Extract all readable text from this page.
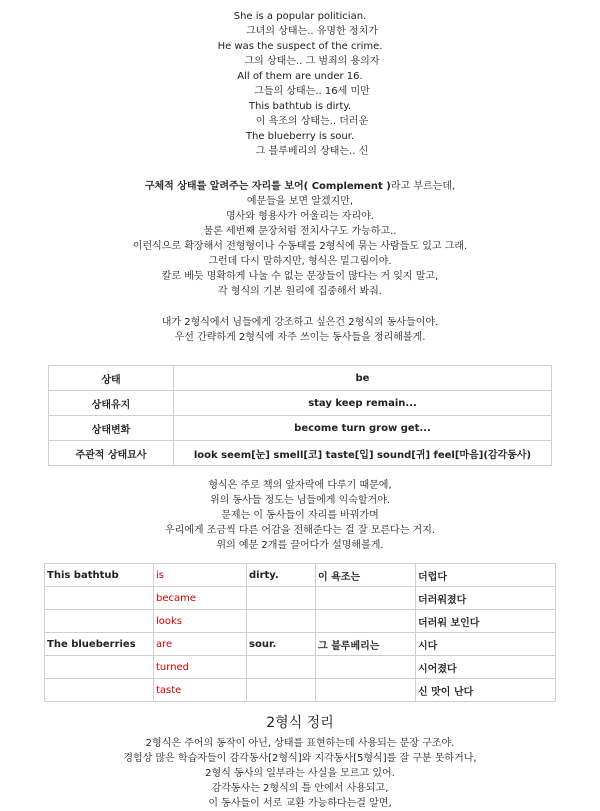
She is a popular politician.
그녀의 상태는.. 유명한 정치가
He was the suspect of the crime.
그의 상태는.. 그 범죄의 용의자
All of them are under 16.
그들의 상태는.. 16세 미만
This bathtub is dirty.
이 욕조의 상태는.. 더러운
The blueberry is sour.
그 블루베리의 상태는.. 신
구체적 상태를 알려주는 자리를 보어( Complement )라고 부르는데,
예문들을 보면 알겠지만,
명사와 형용사가 어울리는 자리야.
물론 세번째 문장처럼 전치사구도 가능하고..
이런식으로 확장해서 전형형이나 수동태를 2형식에 묶는 사람들도 있고 그래.
그런데 다시 말하지만, 형식은 밑그림이야.
칼로 베듯 명확하게 나눌 수 없는 문장들이 많다는 거 잊지 말고,
각 형식의 기본 원리에 집중해서 봐줘.
내가 2형식에서 님들에게 강조하고 싶은건 2형식의 동사들이야.
우선 간략하게 2형식에 자주 쓰이는 동사들을 정리해볼게.
상태	be
상태유지	stay keep remain...
상태변화	become turn grow get...
주관적 상태묘사	look seem[눈] smell[코] taste[입] sound[귀] feel[마음](감각동사)
형식은 주로 책의 앞자락에 다루기 때문에,
위의 동사들 정도는 님들에게 익숙할거야.
문제는 이 동사들이 자리를 바꿔가며
우리에게 조금씩 다른 어감을 전해준다는 걸 잘 모른다는 거지.
위의 예문 2개를 끌어다가 설명해볼게.
This bathtub	is	dirty.	이 욕조는	더럽다
	became			더러워졌다
	looks			더러워 보인다
The blueberries	are	sour.	그 블루베리는	시다
	turned			시어졌다
	taste			신 맛이 난다
2형식 정리
2형식은 주어의 동작이 아닌, 상태를 표현하는데 사용되는 문장 구조야.
경험상 많은 학습자들이 감각동사[2형식]와 지각동사[5형식]를 잘 구분 못하거나,
2형식 동사의 일부라는 사실을 모르고 있어.
감각동사는 2형식의 틀 안에서 사용되고,
이 동사들이 서로 교환 가능하다는걸 알면,
